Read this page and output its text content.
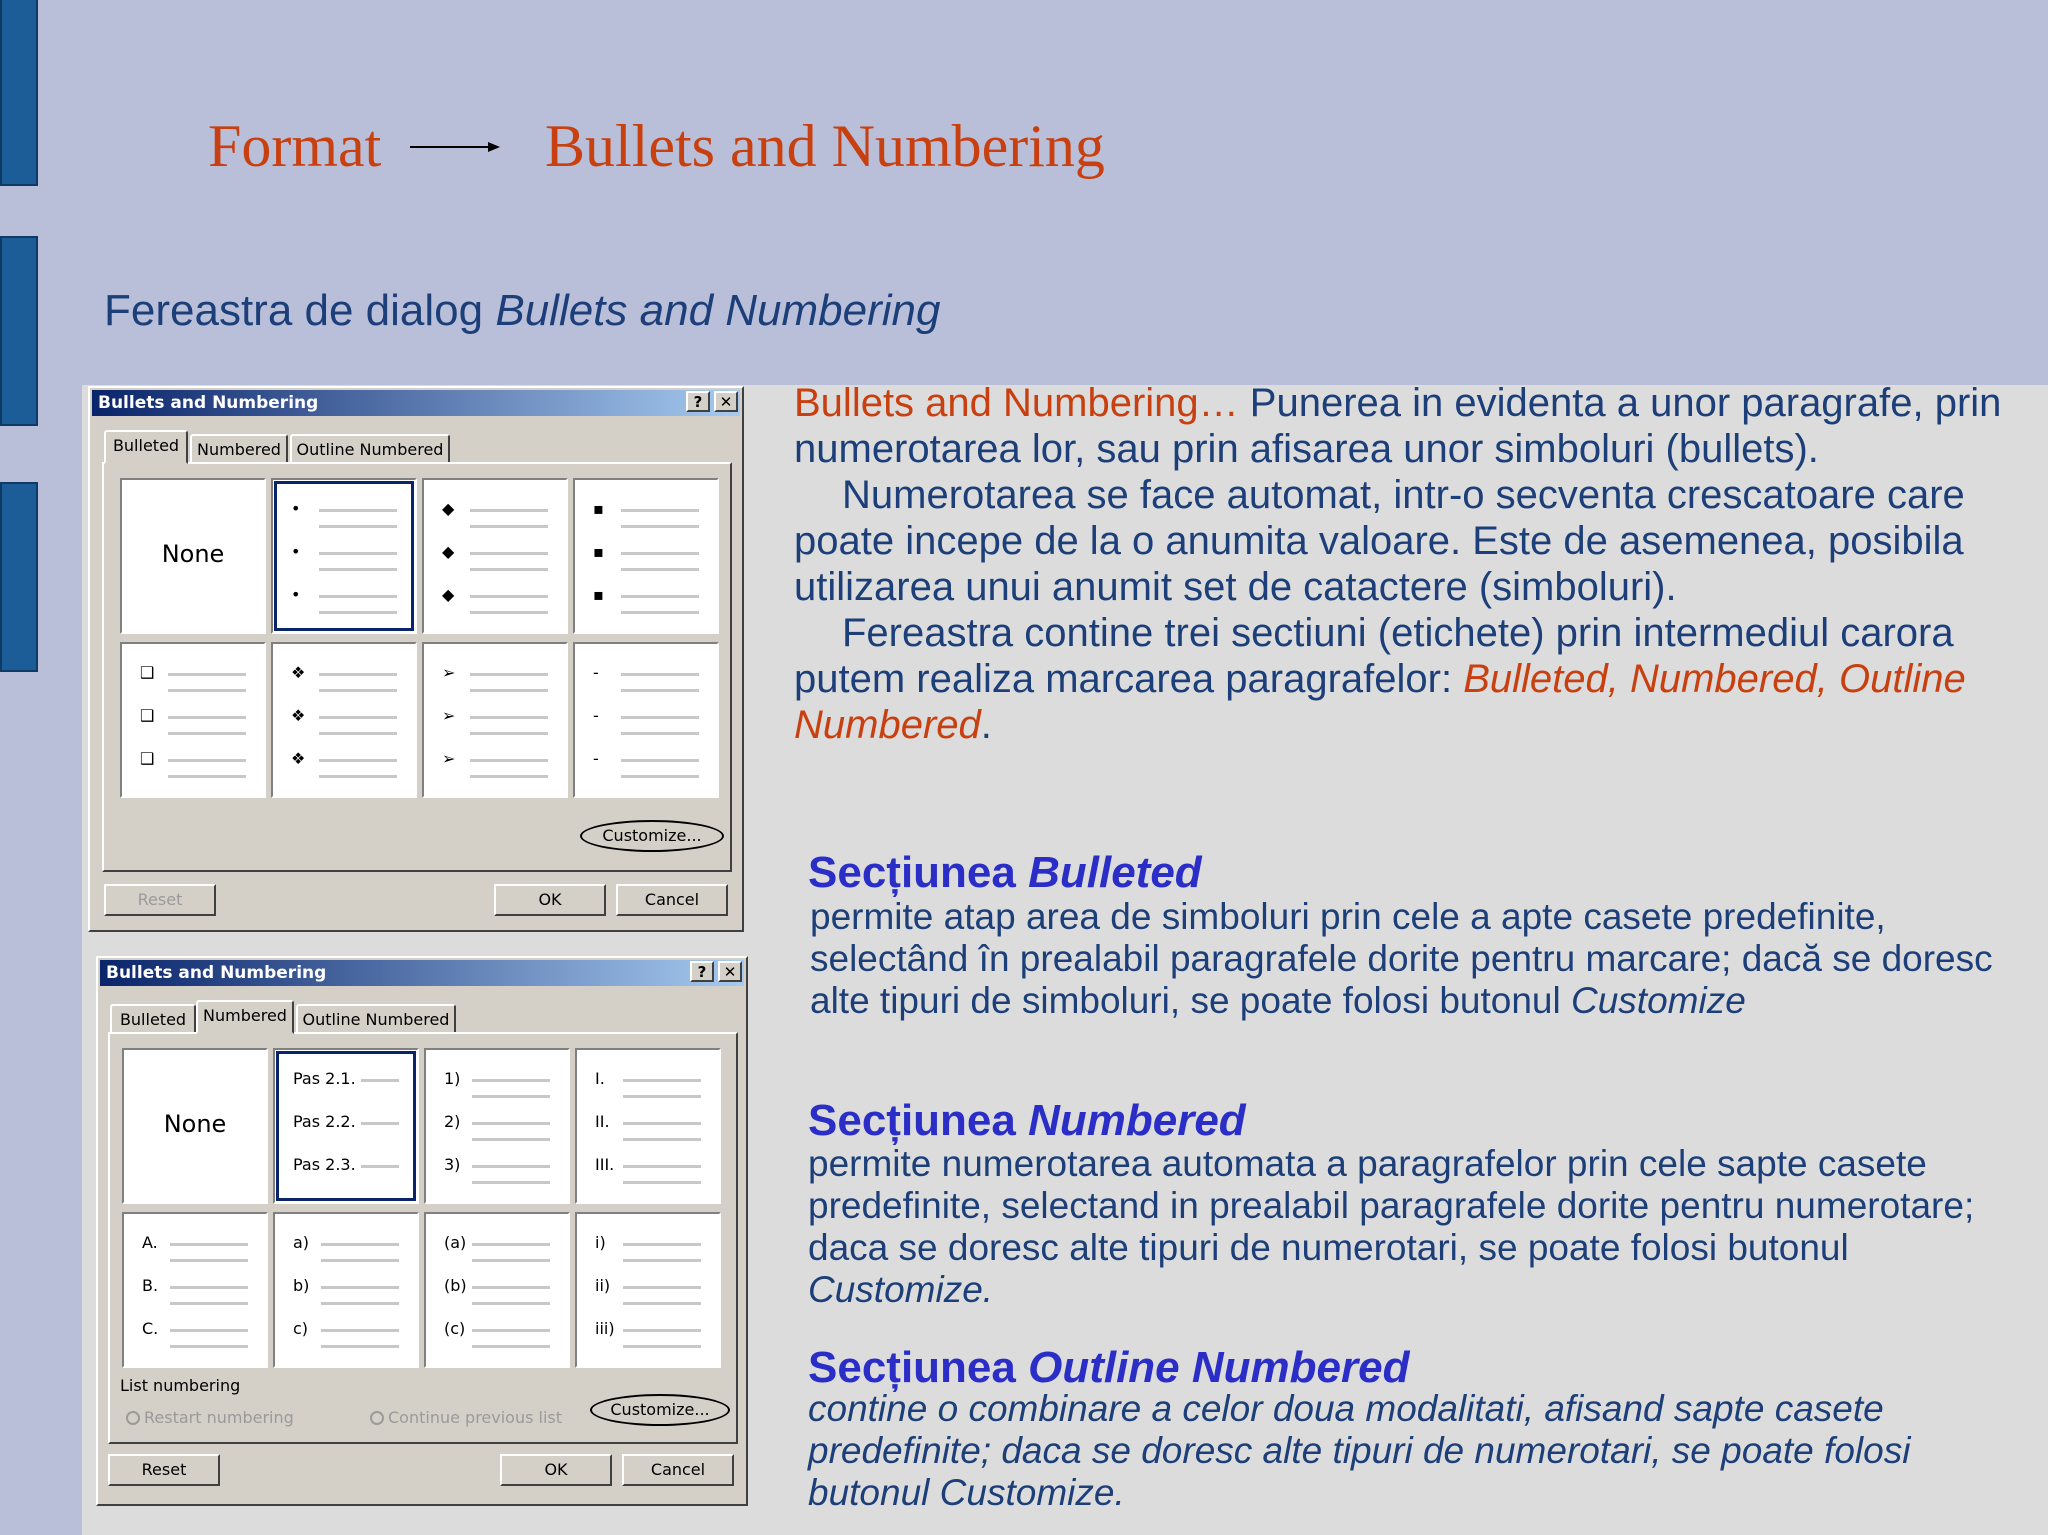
Format	Bullets and Numbering
Fereastra de dialog Bullets and Numbering
Bullets and Numbering	?	✕
Bulleted	Numbered Outline Numbered
None
•
•
•
◆
◆
◆
▪
▪
▪
❑
❑
❑
❖
❖
❖
➢
➢
➢
-
-
-
Customize...
Reset	OK	Cancel
Bullets and Numbering	?	✕
Bulleted	Numbered Outline Numbered
None
Pas 2.1.
Pas 2.2.
Pas 2.3.
1)
2)
3)
I.
II.
III.
A.
B.
C.
a)
b)
c)
(a)
(b)
(c)
i)
ii)
iii)
List numbering
Restart numbering	Continue previous list	Customize...
Reset	OK	Cancel
Bullets and Numbering… Punerea in evidenta a unor paragrafe, prin numerotarea lor, sau prin afisarea unor simboluri (bullets).
Numerotarea se face automat, intr-o secventa crescatoare care poate incepe de la o anumita valoare. Este de asemenea, posibila utilizarea unui anumit set de catactere (simboluri).
Fereastra contine trei sectiuni (etichete) prin intermediul carora putem realiza marcarea paragrafelor: Bulleted, Numbered, Outline Numbered.
Secțiunea Bulleted
permite atap area de simboluri prin cele a apte casete predefinite, selectând în prealabil paragrafele dorite pentru marcare; dacă se doresc alte tipuri de simboluri, se poate folosi butonul Customize
Secțiunea Numbered
permite numerotarea automata a paragrafelor prin cele sapte casete predefinite, selectand in prealabil paragrafele dorite pentru numerotare; daca se doresc alte tipuri de numerotari, se poate folosi butonul Customize.
Secțiunea Outline Numbered
contine o combinare a celor doua modalitati, afisand sapte casete predefinite; daca se doresc alte tipuri de numerotari, se poate folosi butonul Customize.
